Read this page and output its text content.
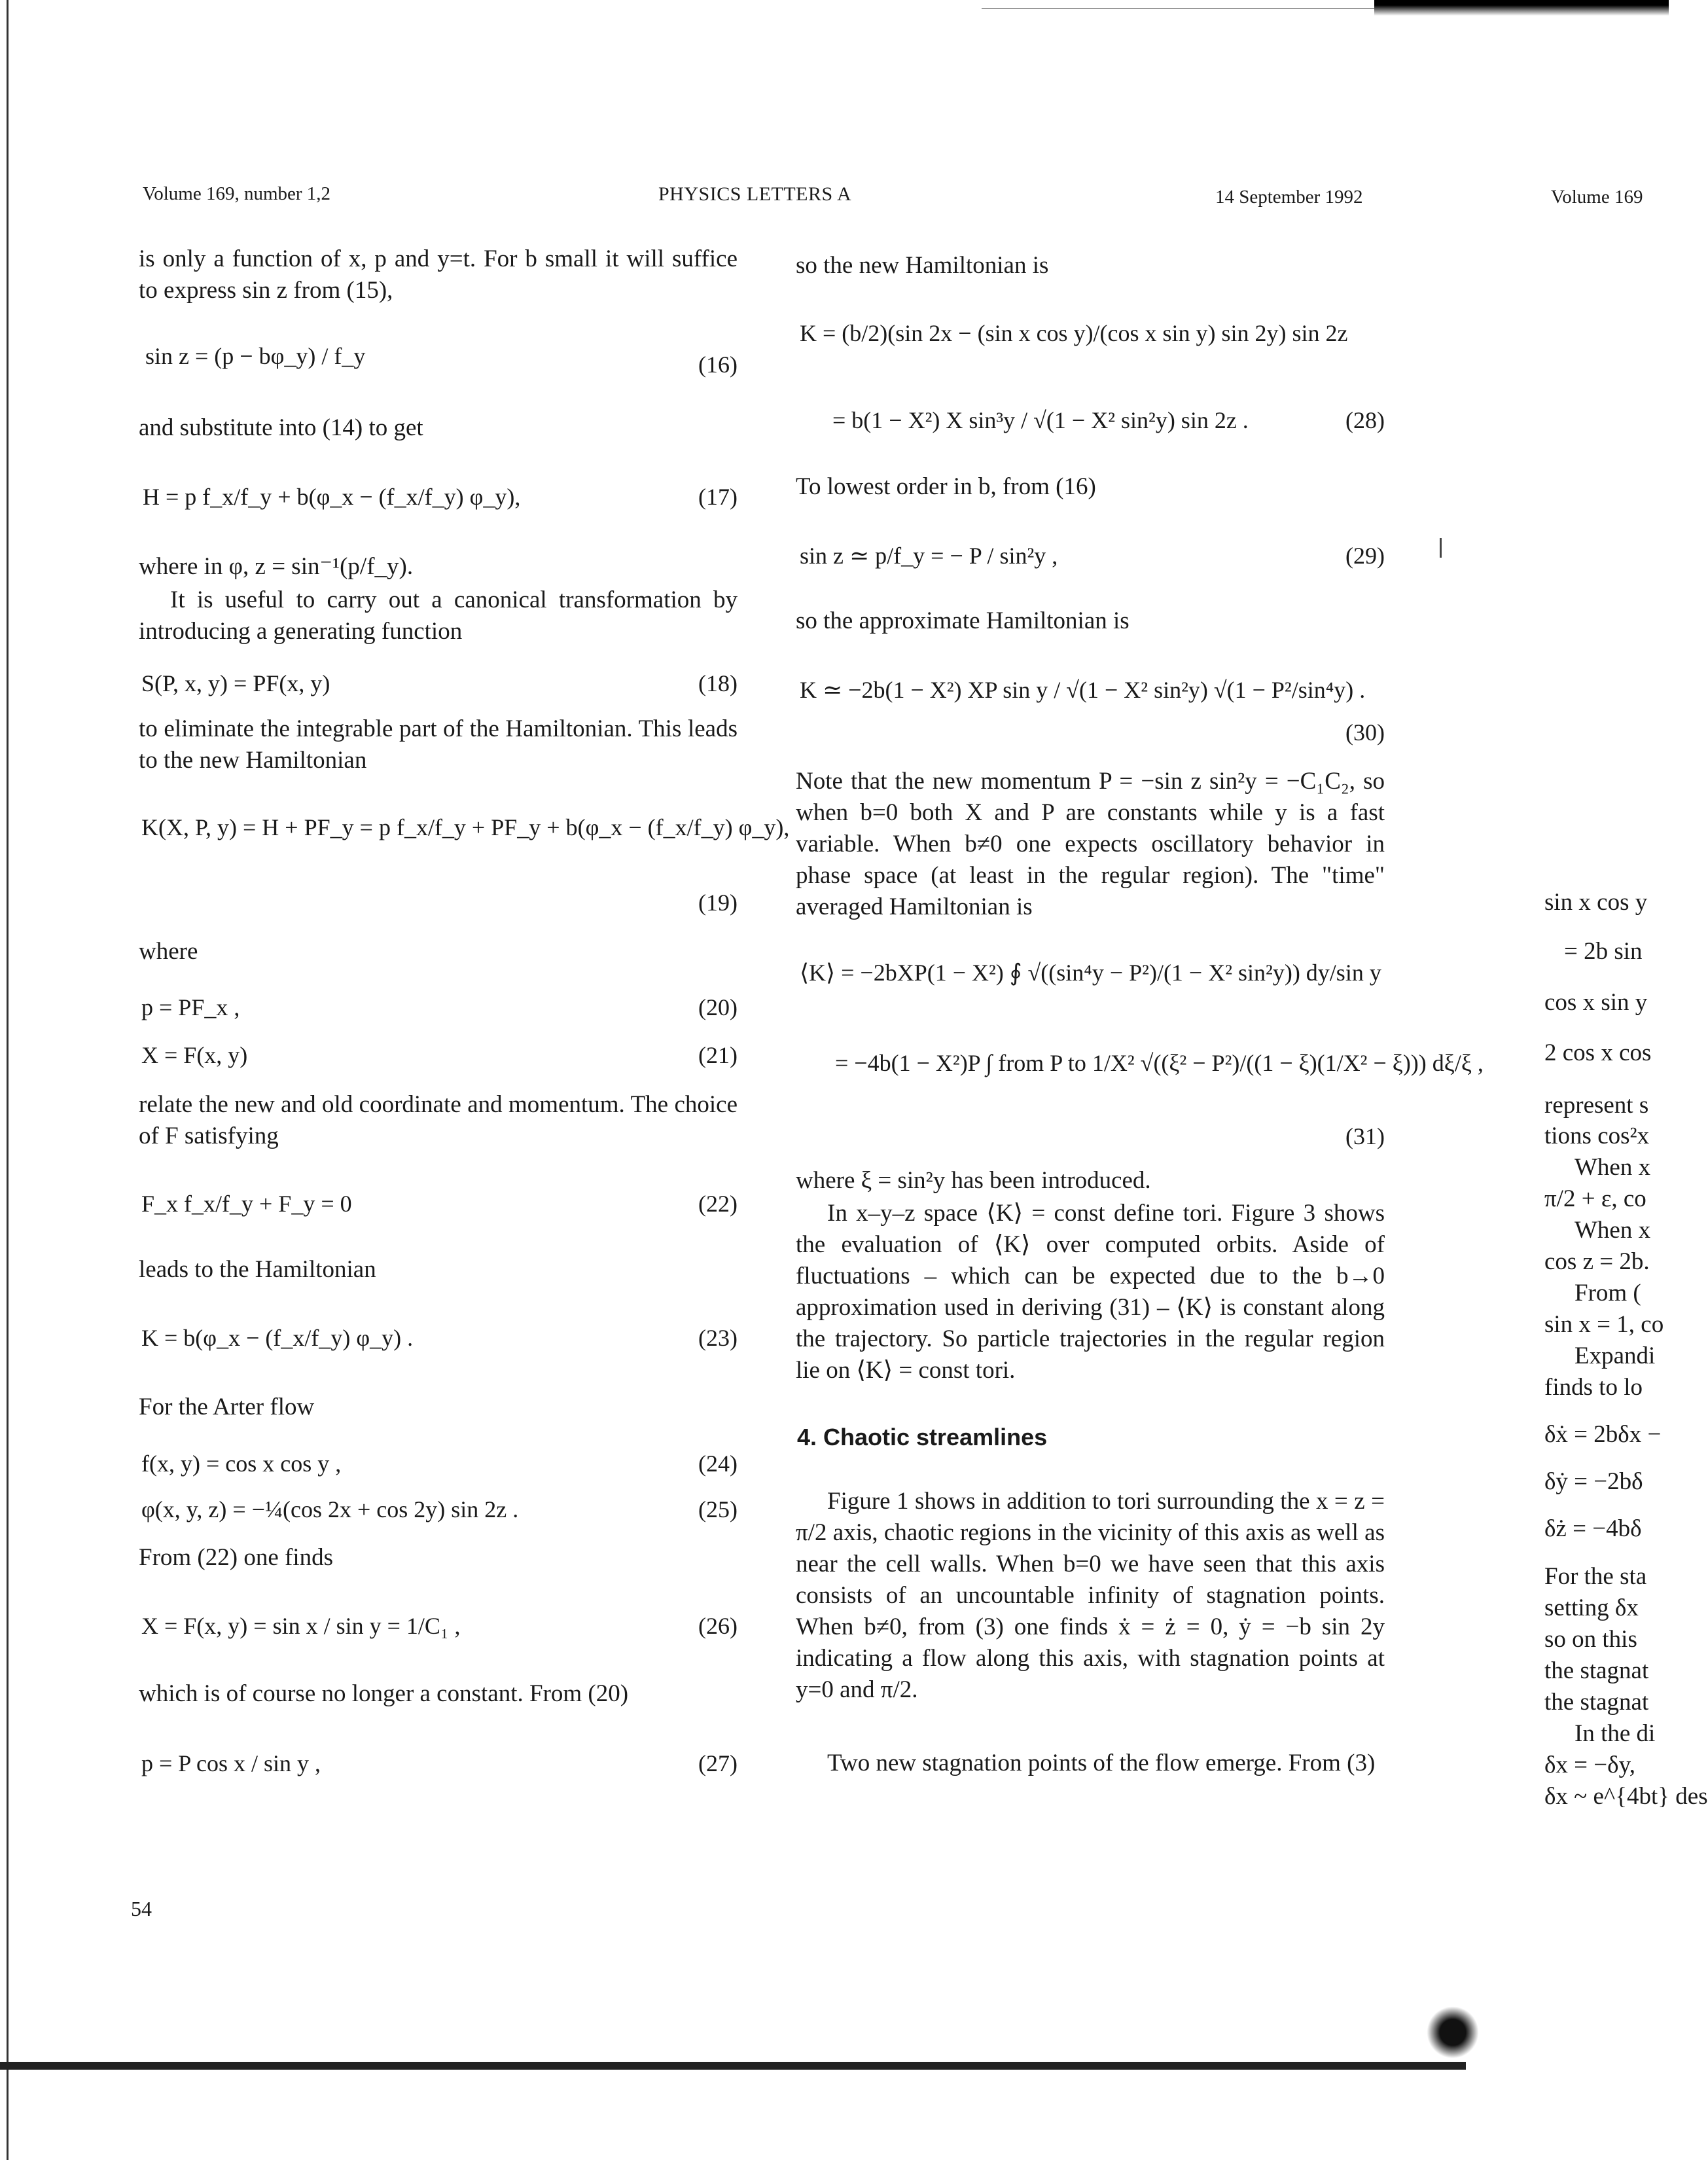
Volume 169, number 1,2	PHYSICS LETTERS A	14 September 1992	Volume 169
is only a function of x, p and y=t. For b small it will suffice to express sin z from (15),
sin z = (p − bφ_y) / f_y	(16)
and substitute into (14) to get
H = p f_x/f_y + b(φ_x − (f_x/f_y) φ_y),	(17)
where in φ, z = sin⁻¹(p/f_y).
It is useful to carry out a canonical transformation by introducing a generating function
S(P, x, y) = PF(x, y)	(18)
to eliminate the integrable part of the Hamiltonian. This leads to the new Hamiltonian
K(X, P, y) = H + PF_y = p f_x/f_y + PF_y + b(φ_x − (f_x/f_y) φ_y),
(19)
where
p = PF_x ,	(20)
X = F(x, y)	(21)
relate the new and old coordinate and momentum. The choice of F satisfying
F_x f_x/f_y + F_y = 0	(22)
leads to the Hamiltonian
K = b(φ_x − (f_x/f_y) φ_y) .	(23)
For the Arter flow
f(x, y) = cos x cos y ,	(24)
φ(x, y, z) = −¼(cos 2x + cos 2y) sin 2z .	(25)
From (22) one finds
X = F(x, y) = sin x / sin y = 1/C₁ ,	(26)
which is of course no longer a constant. From (20)
p = P cos x / sin y ,	(27)
so the new Hamiltonian is
K = (b/2)(sin 2x − (sin x cos y)/(cos x sin y) sin 2y) sin 2z
= b(1 − X²) X sin³y / √(1 − X² sin²y) sin 2z .	(28)
To lowest order in b, from (16)
sin z ≃ p/f_y = − P / sin²y ,	(29)
so the approximate Hamiltonian is
K ≃ −2b(1 − X²) XP sin y / √(1 − X² sin²y) √(1 − P²/sin⁴y) .
(30)
Note that the new momentum P = −sin z sin²y = −C₁C₂, so when b=0 both X and P are constants while y is a fast variable. When b≠0 one expects oscillatory behavior in phase space (at least in the regular region). The "time" averaged Hamiltonian is
⟨K⟩ = −2bXP(1 − X²) ∮ √((sin⁴y − P²)/(1 − X² sin²y)) dy/sin y
= −4b(1 − X²)P ∫ from P to 1/X² √((ξ² − P²)/((1 − ξ)(1/X² − ξ))) dξ/ξ ,
(31)
where ξ = sin²y has been introduced.
In x–y–z space ⟨K⟩ = const define tori. Figure 3 shows the evaluation of ⟨K⟩ over computed orbits. Aside of fluctuations – which can be expected due to the b→0 approximation used in deriving (31) – ⟨K⟩ is constant along the trajectory. So particle trajectories in the regular region lie on ⟨K⟩ = const tori.
4. Chaotic streamlines
Figure 1 shows in addition to tori surrounding the x = z = π/2 axis, chaotic regions in the vicinity of this axis as well as near the cell walls. When b=0 we have seen that this axis consists of an uncountable infinity of stagnation points. When b≠0, from (3) one finds ẋ = ż = 0, ẏ = −b sin 2y indicating a flow along this axis, with stagnation points at y=0 and π/2.
Two new stagnation points of the flow emerge. From (3)
sin x cos y
= 2b sin
cos x sin y
2 cos x cos
represent s
tions cos²x
When x
π/2 + ε, co
When x
cos z = 2b.
From (
sin x = 1, co
Expandi
finds to lo
δẋ = 2bδx −
δẏ = −2bδ
δż = −4bδ
For the sta
setting δx
so on this
the stagnat
the stagnat
In the di
δx = −δy,
δx ~ e^{4bt} des
54
